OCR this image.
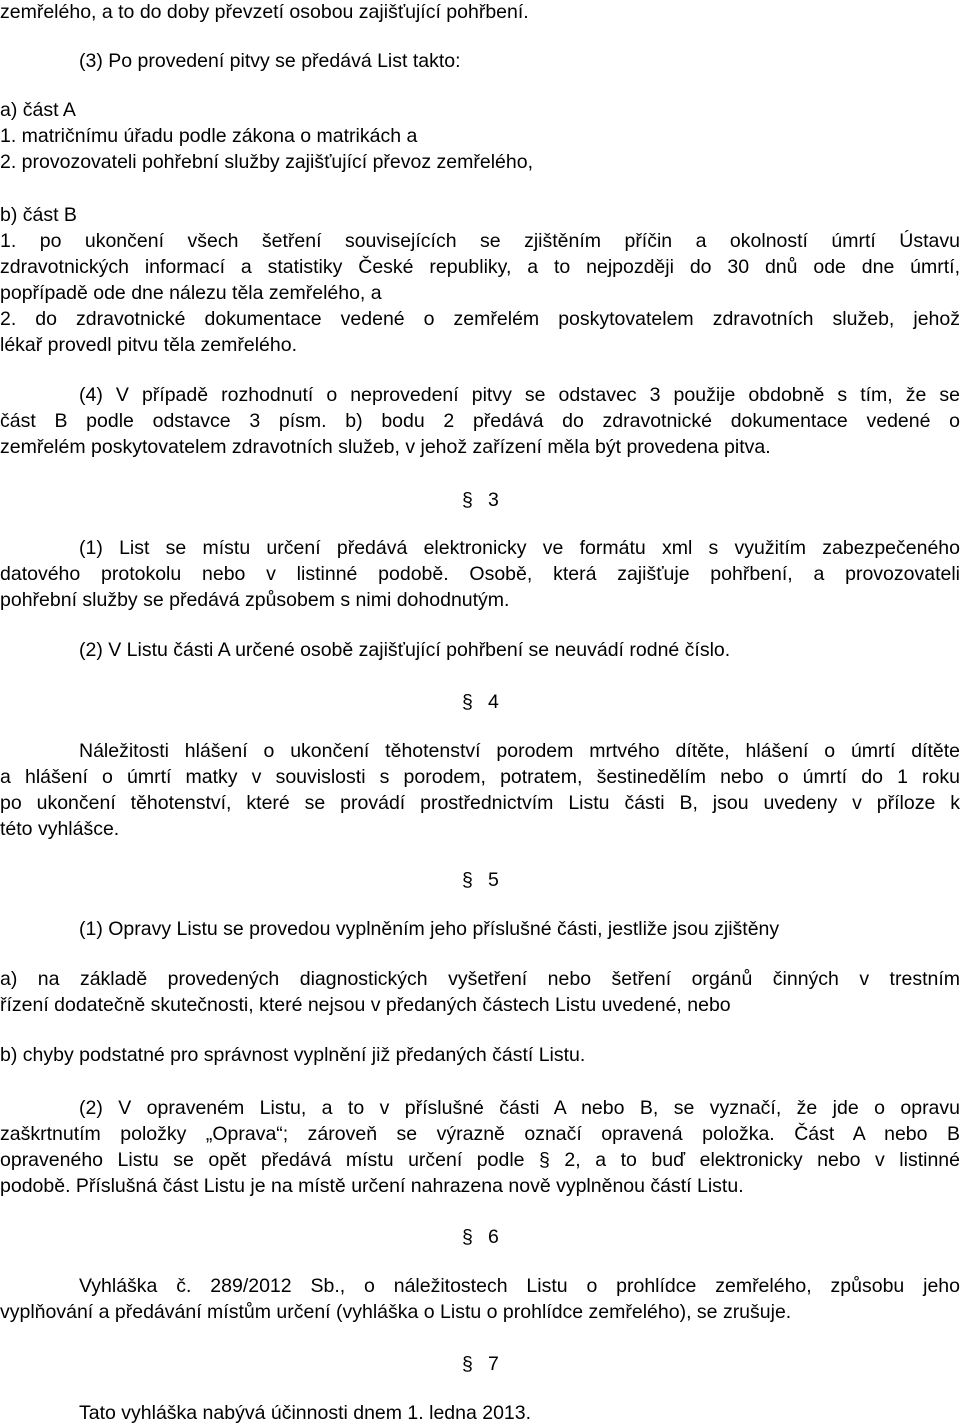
zemřelého, a to do doby převzetí osobou zajišťující pohřbení.

(3) Po provedení pitvy se předává List takto:

a) část A

1. matričnímu úřadu podle zákona o matrikách a

2. provozovateli pohřební služby zajišťující převoz zemřelého,

b) část B

1. po ukončení všech šetření souvisejících se zjištěním příčin a okolností úmrtí Ústavu

zdravotnických informací a statistiky České republiky, a to nejpozději do 30 dnů ode dne úmrtí,

popřípadě ode dne nálezu těla zemřelého, a

2. do zdravotnické dokumentace vedené o zemřelém poskytovatelem zdravotních služeb, jehož

lékař provedl pitvu těla zemřelého.

(4) V případě rozhodnutí o neprovedení pitvy se odstavec 3 použije obdobně s tím, že se

část B podle odstavce 3 písm. b) bodu 2 předává do zdravotnické dokumentace vedené o

zemřelém poskytovatelem zdravotních služeb, v jehož zařízení měla být provedena pitva.

§ 3

(1) List se místu určení předává elektronicky ve formátu xml s využitím zabezpečeného

datového protokolu nebo v listinné podobě. Osobě, která zajišťuje pohřbení, a provozovateli

pohřební služby se předává způsobem s nimi dohodnutým.

(2) V Listu části A určené osobě zajišťující pohřbení se neuvádí rodné číslo.

§ 4

Náležitosti hlášení o ukončení těhotenství porodem mrtvého dítěte, hlášení o úmrtí dítěte

a hlášení o úmrtí matky v souvislosti s porodem, potratem, šestinedělím nebo o úmrtí do 1 roku

po ukončení těhotenství, které se provádí prostřednictvím Listu části B, jsou uvedeny v příloze k

této vyhlášce.

§ 5

(1) Opravy Listu se provedou vyplněním jeho příslušné části, jestliže jsou zjištěny

a) na základě provedených diagnostických vyšetření nebo šetření orgánů činných v trestním

řízení dodatečně skutečnosti, které nejsou v předaných částech Listu uvedené, nebo

b) chyby podstatné pro správnost vyplnění již předaných částí Listu.

(2) V opraveném Listu, a to v příslušné části A nebo B, se vyznačí, že jde o opravu

zaškrtnutím položky „Oprava“; zároveň se výrazně označí opravená položka. Část A nebo B

opraveného Listu se opět předává místu určení podle § 2, a to buď elektronicky nebo v listinné

podobě. Příslušná část Listu je na místě určení nahrazena nově vyplněnou částí Listu.

§ 6

Vyhláška č. 289/2012 Sb., o náležitostech Listu o prohlídce zemřelého, způsobu jeho

vyplňování a předávání místům určení (vyhláška o Listu o prohlídce zemřelého), se zrušuje.

§ 7

Tato vyhláška nabývá účinnosti dnem 1. ledna 2013.
